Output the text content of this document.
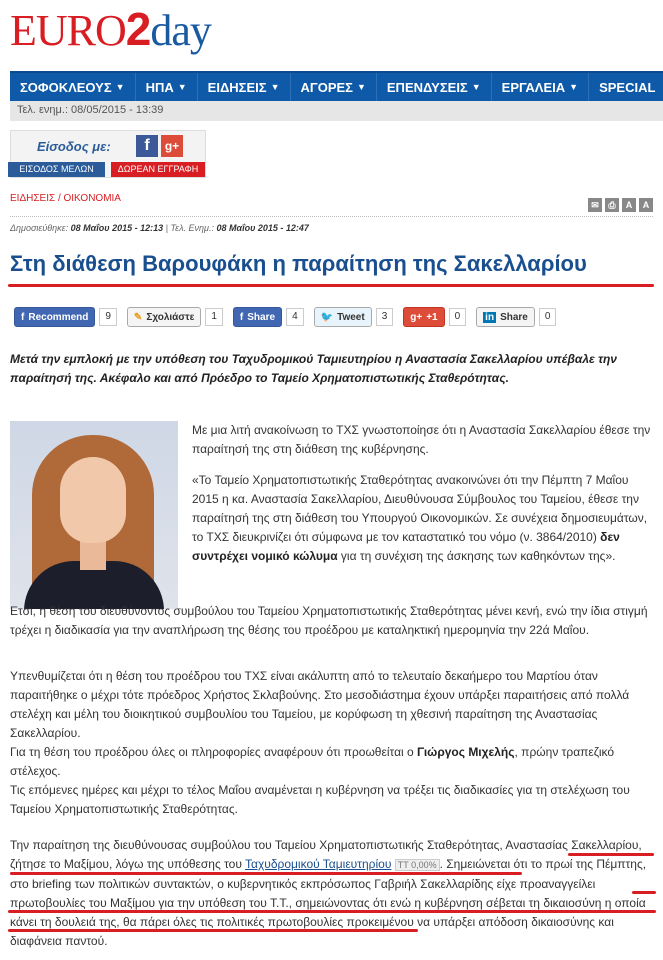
EURO2day
ΣΟΦΟΚΛΕΟΥΣ ▼ ΗΠΑ ▼ ΕΙΔΗΣΕΙΣ ▼ ΑΓΟΡΕΣ ▼ ΕΠΕΝΔΥΣΕΙΣ ▼ ΕΡΓΑΛΕΙΑ ▼ SPECIAL
Τελ. ενημ.: 08/05/2015 - 13:39
Είσοδος με:	f	g+
ΕΙΣΟΔΟΣ ΜΕΛΩΝ	ΔΩΡΕΑΝ ΕΓΓΡΑΦΗ
ΕΙΔΗΣΕΙΣ / ΟΙΚΟΝΟΜΙΑ
✉	⎙	A	A
Δημοσιεύθηκε: 08 Μαΐου 2015 - 12:13 | Τελ. Ενημ.: 08 Μαΐου 2015 - 12:47
Στη διάθεση Βαρουφάκη η παραίτηση της Σακελλαρίου
f Recommend	9	✎ Σχολιάστε	1	f Share	4	🐦 Tweet	3	g+ +1	0	in Share	0
Μετά την εμπλοκή με την υπόθεση του Ταχυδρομικού Ταμιευτηρίου η Αναστασία Σακελλαρίου υπέβαλε την παραίτησή της. Ακέφαλο και από Πρόεδρο το Ταμείο Χρηματοπιστωτικής Σταθερότητας.
Με μια λιτή ανακοίνωση το ΤΧΣ γνωστοποίησε ότι η Αναστασία Σακελλαρίου έθεσε την παραίτησή της στη διάθεση της κυβέρνησης.
«Το Ταμείο Χρηματοπιστωτικής Σταθερότητας ανακοινώνει ότι την Πέμπτη 7 Μαΐου 2015 η κα. Αναστασία Σακελλαρίου, Διευθύνουσα Σύμβουλος του Ταμείου, έθεσε την παραίτησή της στη διάθεση του Υπουργού Οικονομικών. Σε συνέχεια δημοσιευμάτων, το ΤΧΣ διευκρινίζει ότι σύμφωνα με τον καταστατικό του νόμο (ν. 3864/2010) δεν συντρέχει νομικό κώλυμα για τη συνέχιση της άσκησης των καθηκόντων της».
Ετσι, η θέση του διευθύνοντος συμβούλου του Ταμείου Χρηματοπιστωτικής Σταθερότητας μένει κενή, ενώ την ίδια στιγμή τρέχει η διαδικασία για την αναπλήρωση της θέσης του προέδρου με καταληκτική ημερομηνία την 22ά Μαΐου.
Υπενθυμίζεται ότι η θέση του προέδρου του ΤΧΣ είναι ακάλυπτη από το τελευταίο δεκαήμερο του Μαρτίου όταν παραιτήθηκε ο μέχρι τότε πρόεδρος Χρήστος Σκλαβούνης. Στο μεσοδιάστημα έχουν υπάρξει παραιτήσεις από πολλά στελέχη και μέλη του διοικητικού συμβουλίου του Ταμείου, με κορύφωση τη χθεσινή παραίτηση της Αναστασίας Σακελλαρίου.
Για τη θέση του προέδρου όλες οι πληροφορίες αναφέρουν ότι προωθείται ο Γιώργος Μιχελής, πρώην τραπεζικό στέλεχος.
Τις επόμενες ημέρες και μέχρι το τέλος Μαΐου αναμένεται η κυβέρνηση να τρέξει τις διαδικασίες για τη στελέχωση του Ταμείου Χρηματοπιστωτικής Σταθερότητας.
Την παραίτηση της διευθύνουσας συμβούλου του Ταμείου Χρηματοπιστωτικής Σταθερότητας, Αναστασίας Σακελλαρίου, ζήτησε το Μαξίμου, λόγω της υπόθεσης του Ταχυδρομικού Ταμιευτηρίου ΤΤ 0,00% . Σημειώνεται ότι το πρωί της Πέμπτης, στο briefing των πολιτικών συντακτών, ο κυβερνητικός εκπρόσωπος Γαβριήλ Σακελλαρίδης είχε προαναγγείλει πρωτοβουλίες του Μαξίμου για την υπόθεση του Τ.Τ., σημειώνοντας ότι ενώ η κυβέρνηση σέβεται τη δικαιοσύνη η οποία κάνει τη δουλειά της, θα πάρει όλες τις πολιτικές πρωτοβουλίες προκειμένου να υπάρξει απόδοση δικαιοσύνης και διαφάνεια παντού.
